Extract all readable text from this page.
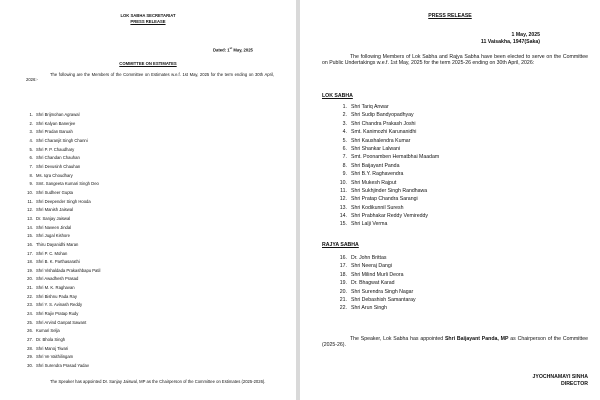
LOK SABHA SECRETARIAT

PRESS RELEASE

Dated: 1st May, 2025

COMMITTEE ON ESTIMATES

The following are the Members of the Committee on Estimates w.e.f. 1st May, 2025 for the term ending on 30th April, 2026:-

1. Shri Brijmohan Agrawal
2. Shri Kalyan Banerjee
3. Shri Pradan Baruah
4. Shri Charanjit Singh Channi
5. Shri P. P. Chaudhary
6. Shri Chandan Chauhan
7. Shri Devusinh Chauhan
8. Ms. Iqra Choudhary
9. Smt. Sangeeta Kumari Singh Deo
10. Shri Sudheer Gupta
11. Shri Deepender Singh Hooda
12. Shri Manish Jaiswal
13. Dr. Sanjay Jaiswal
14. Shri Naveen Jindal
15. Shri Jugal Kishore
16. Thiru Dayanidhi Maran
17. Shri P. C. Mohan
18. Shri B. K. Parthasarathi
19. Shri Vishaldada Prakashbapu Patil
20. Shri Awadhesh Prasad
21. Shri M. K. Raghavan
22. Shri Bishnu Pada Ray
23. Shri Y. S. Avinash Reddy
24. Shri Rajiv Pratap Rudy
25. Shri Arvind Ganpat Sawant
26. Kumari Selja
27. Dr. Bhola Singh
28. Shri Manoj Tiwari
29. Shri Ve Vaithilingam
30. Shri Surendra Prasad Yadav

The Speaker has appointed Dr. Sanjay Jaiswal, MP as the Chairperson of the Committee on Estimates (2025-2026).

PRESS RELEASE

1 May, 2025

11 Vaisakha, 1947(Saka)

The following Members of Lok Sabha and Rajya Sabha have been elected to serve on the Committee on Public Undertakings w.e.f. 1st May, 2025 for the term 2025-26 ending on 30th April, 2026:

LOK SABHA

1. Shri Tariq Anwar
2. Shri Sudip Bandyopadhyay
3. Shri Chandra Prakash Joshi
4. Smt. Kanimozhi Karunanidhi
5. Shri Kaushalendra Kumar
6. Shri Shankar Lalwani
7. Smt. Poonamben Hematbhai Maadam
8. Shri Baijayant Panda
9. Shri B.Y. Raghavendra
10. Shri Mukesh Rajput
11. Shri Sukhjinder Singh Randhawa
12. Shri Pratap Chandra Sarangi
13. Shri Kodikunnil Suresh
14. Shri Prabhakar Reddy Vemireddy
15. Shri Lalji Verma

RAJYA SABHA

16. Dr. John Brittas
17. Shri Neeraj Dangi
18. Shri Milind Murli Deora
19. Dr. Bhagwat Karad
20. Shri Surendra Singh Nagar
21. Shri Debashish Samantaray
22. Shri Arun Singh

The Speaker, Lok Sabha has appointed Shri Baijayant Panda, MP as Chairperson of the Committee (2025-26).

JYOCHNAMAYI SINHA

DIRECTOR
